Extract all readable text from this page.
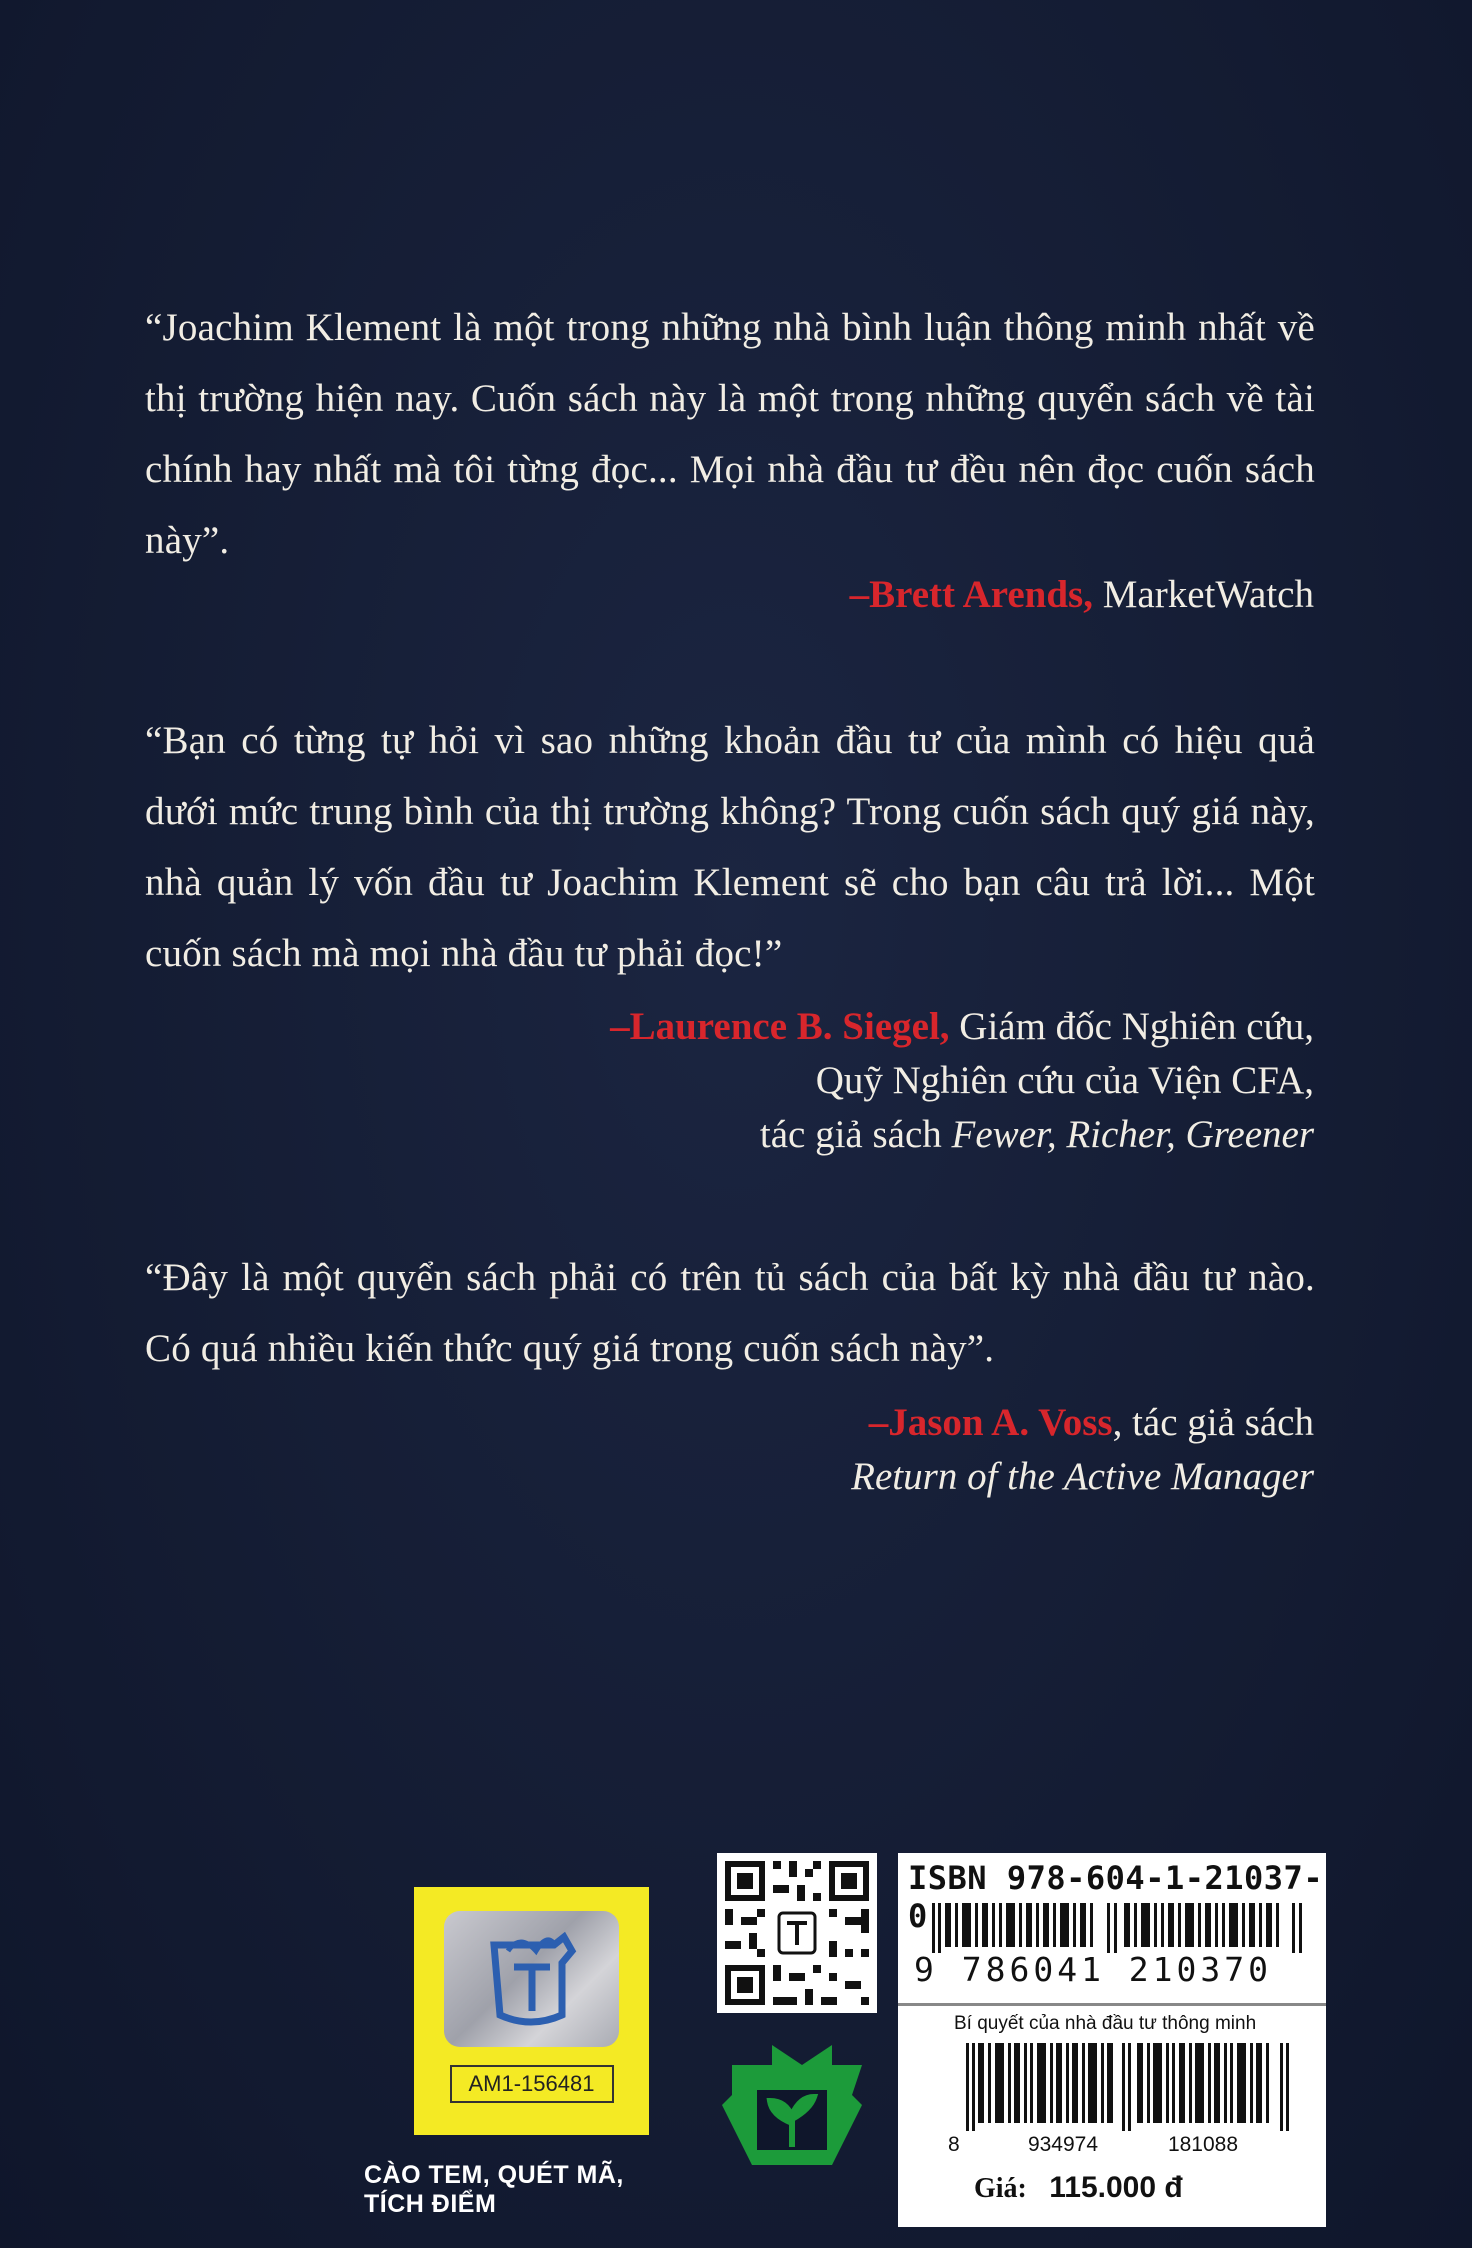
“Joachim Klement là một trong những nhà bình luận thông minh nhất về thị trường hiện nay. Cuốn sách này là một trong những quyển sách về tài chính hay nhất mà tôi từng đọc... Mọi nhà đầu tư đều nên đọc cuốn sách này”.
–Brett Arends, MarketWatch
“Bạn có từng tự hỏi vì sao những khoản đầu tư của mình có hiệu quả dưới mức trung bình của thị trường không? Trong cuốn sách quý giá này, nhà quản lý vốn đầu tư Joachim Klement sẽ cho bạn câu trả lời... Một cuốn sách mà mọi nhà đầu tư phải đọc!”
–Laurence B. Siegel, Giám đốc Nghiên cứu,
Quỹ Nghiên cứu của Viện CFA,
tác giả sách Fewer, Richer, Greener
“Đây là một quyển sách phải có trên tủ sách của bất kỳ nhà đầu tư nào. Có quá nhiều kiến thức quý giá trong cuốn sách này”.
–Jason A. Voss, tác giả sách
Return of the Active Manager
AM1-156481
CÀO TEM, QUÉT MÃ, TÍCH ĐIỂM
ISBN 978-604-1-21037-0
9 786041 210370
Bí quyết của nhà đầu tư thông minh
8	934974	181088
Giá: 115.000 đ
